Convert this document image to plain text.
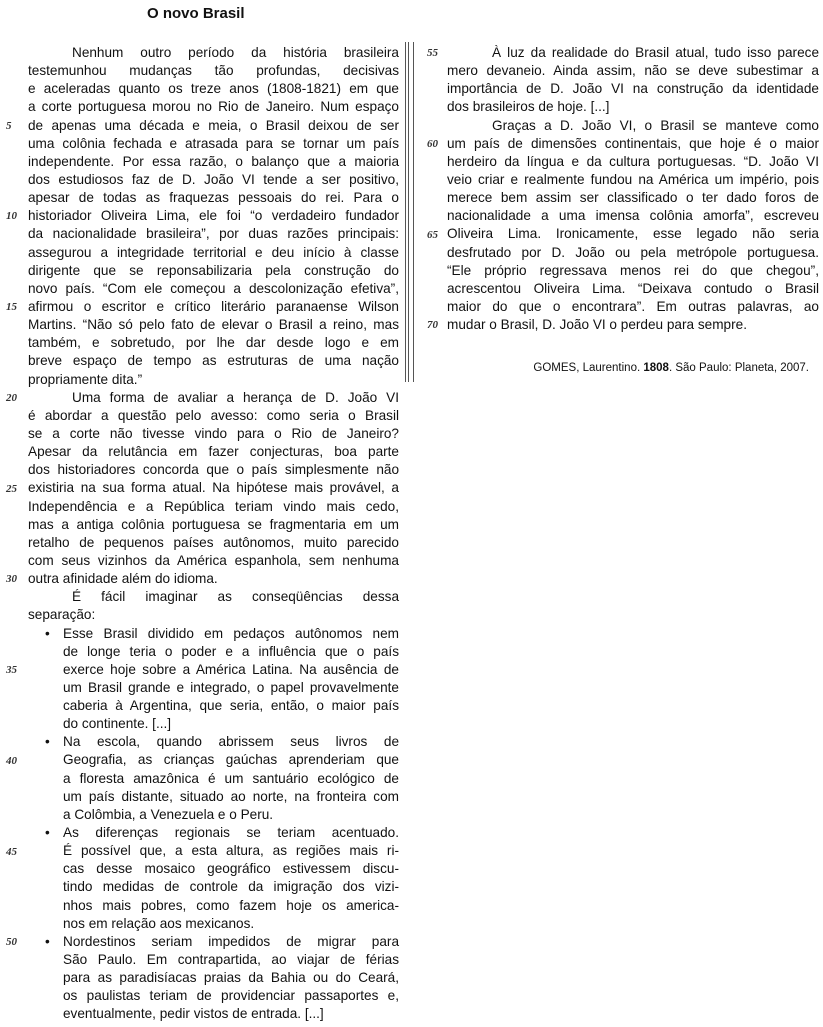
O novo Brasil
Nenhum outro período da história brasileira
testemunhou mudanças tão profundas, decisivas
e aceleradas quanto os treze anos (1808-1821) em que
a corte portuguesa morou no Rio de Janeiro. Num espaço
de apenas uma década e meia, o Brasil deixou de ser
uma colônia fechada e atrasada para se tornar um país
independente. Por essa razão, o balanço que a maioria
dos estudiosos faz de D. João VI tende a ser positivo,
apesar de todas as fraquezas pessoais do rei. Para o
historiador Oliveira Lima, ele foi “o verdadeiro fundador
da nacionalidade brasileira”, por duas razões principais:
assegurou a integridade territorial e deu início à classe
dirigente que se reponsabilizaria pela construção do
novo país. “Com ele começou a descolonização efetiva”,
afirmou o escritor e crítico literário paranaense Wilson
Martins. “Não só pelo fato de elevar o Brasil a reino, mas
também, e sobretudo, por lhe dar desde logo e em
breve espaço de tempo as estruturas de uma nação
propriamente dita.”
Uma forma de avaliar a herança de D. João VI
é abordar a questão pelo avesso: como seria o Brasil
se a corte não tivesse vindo para o Rio de Janeiro?
Apesar da relutância em fazer conjecturas, boa parte
dos historiadores concorda que o país simplesmente não
existiria na sua forma atual. Na hipótese mais provável, a
Independência e a República teriam vindo mais cedo,
mas a antiga colônia portuguesa se fragmentaria em um
retalho de pequenos países autônomos, muito parecido
com seus vizinhos da América espanhola, sem nenhuma
outra afinidade além do idioma.
É fácil imaginar as conseqüências dessa
separação:
• Esse Brasil dividido em pedaços autônomos nem
de longe teria o poder e a influência que o país
exerce hoje sobre a América Latina. Na ausência de
um Brasil grande e integrado, o papel provavelmente
caberia à Argentina, que seria, então, o maior país
do continente. [...]
• Na escola, quando abrissem seus livros de
Geografia, as crianças gaúchas aprenderiam que
a floresta amazônica é um santuário ecológico de
um país distante, situado ao norte, na fronteira com
a Colômbia, a Venezuela e o Peru.
• As diferenças regionais se teriam acentuado.
É possível que, a esta altura, as regiões mais ri-
cas desse mosaico geográfico estivessem discu-
tindo medidas de controle da imigração dos vizi-
nhos mais pobres, como fazem hoje os america-
nos em relação aos mexicanos.
• Nordestinos seriam impedidos de migrar para
São Paulo. Em contrapartida, ao viajar de férias
para as paradisíacas praias da Bahia ou do Ceará,
os paulistas teriam de providenciar passaportes e,
eventualmente, pedir vistos de entrada. [...]
À luz da realidade do Brasil atual, tudo isso parece
mero devaneio. Ainda assim, não se deve subestimar a
importância de D. João VI na construção da identidade
dos brasileiros de hoje. [...]
Graças a D. João VI, o Brasil se manteve como
um país de dimensões continentais, que hoje é o maior
herdeiro da língua e da cultura portuguesas. “D. João VI
veio criar e realmente fundou na América um império, pois
merece bem assim ser classificado o ter dado foros de
nacionalidade a uma imensa colônia amorfa”, escreveu
Oliveira Lima. Ironicamente, esse legado não seria
desfrutado por D. João ou pela metrópole portuguesa.
“Ele próprio regressava menos rei do que chegou”,
acrescentou Oliveira Lima. “Deixava contudo o Brasil
maior do que o encontrara”. Em outras palavras, ao
mudar o Brasil, D. João VI o perdeu para sempre.
5
10
15
20
25
30
35
40
45
50
55
60
65
70
GOMES, Laurentino. 1808. São Paulo: Planeta, 2007.
